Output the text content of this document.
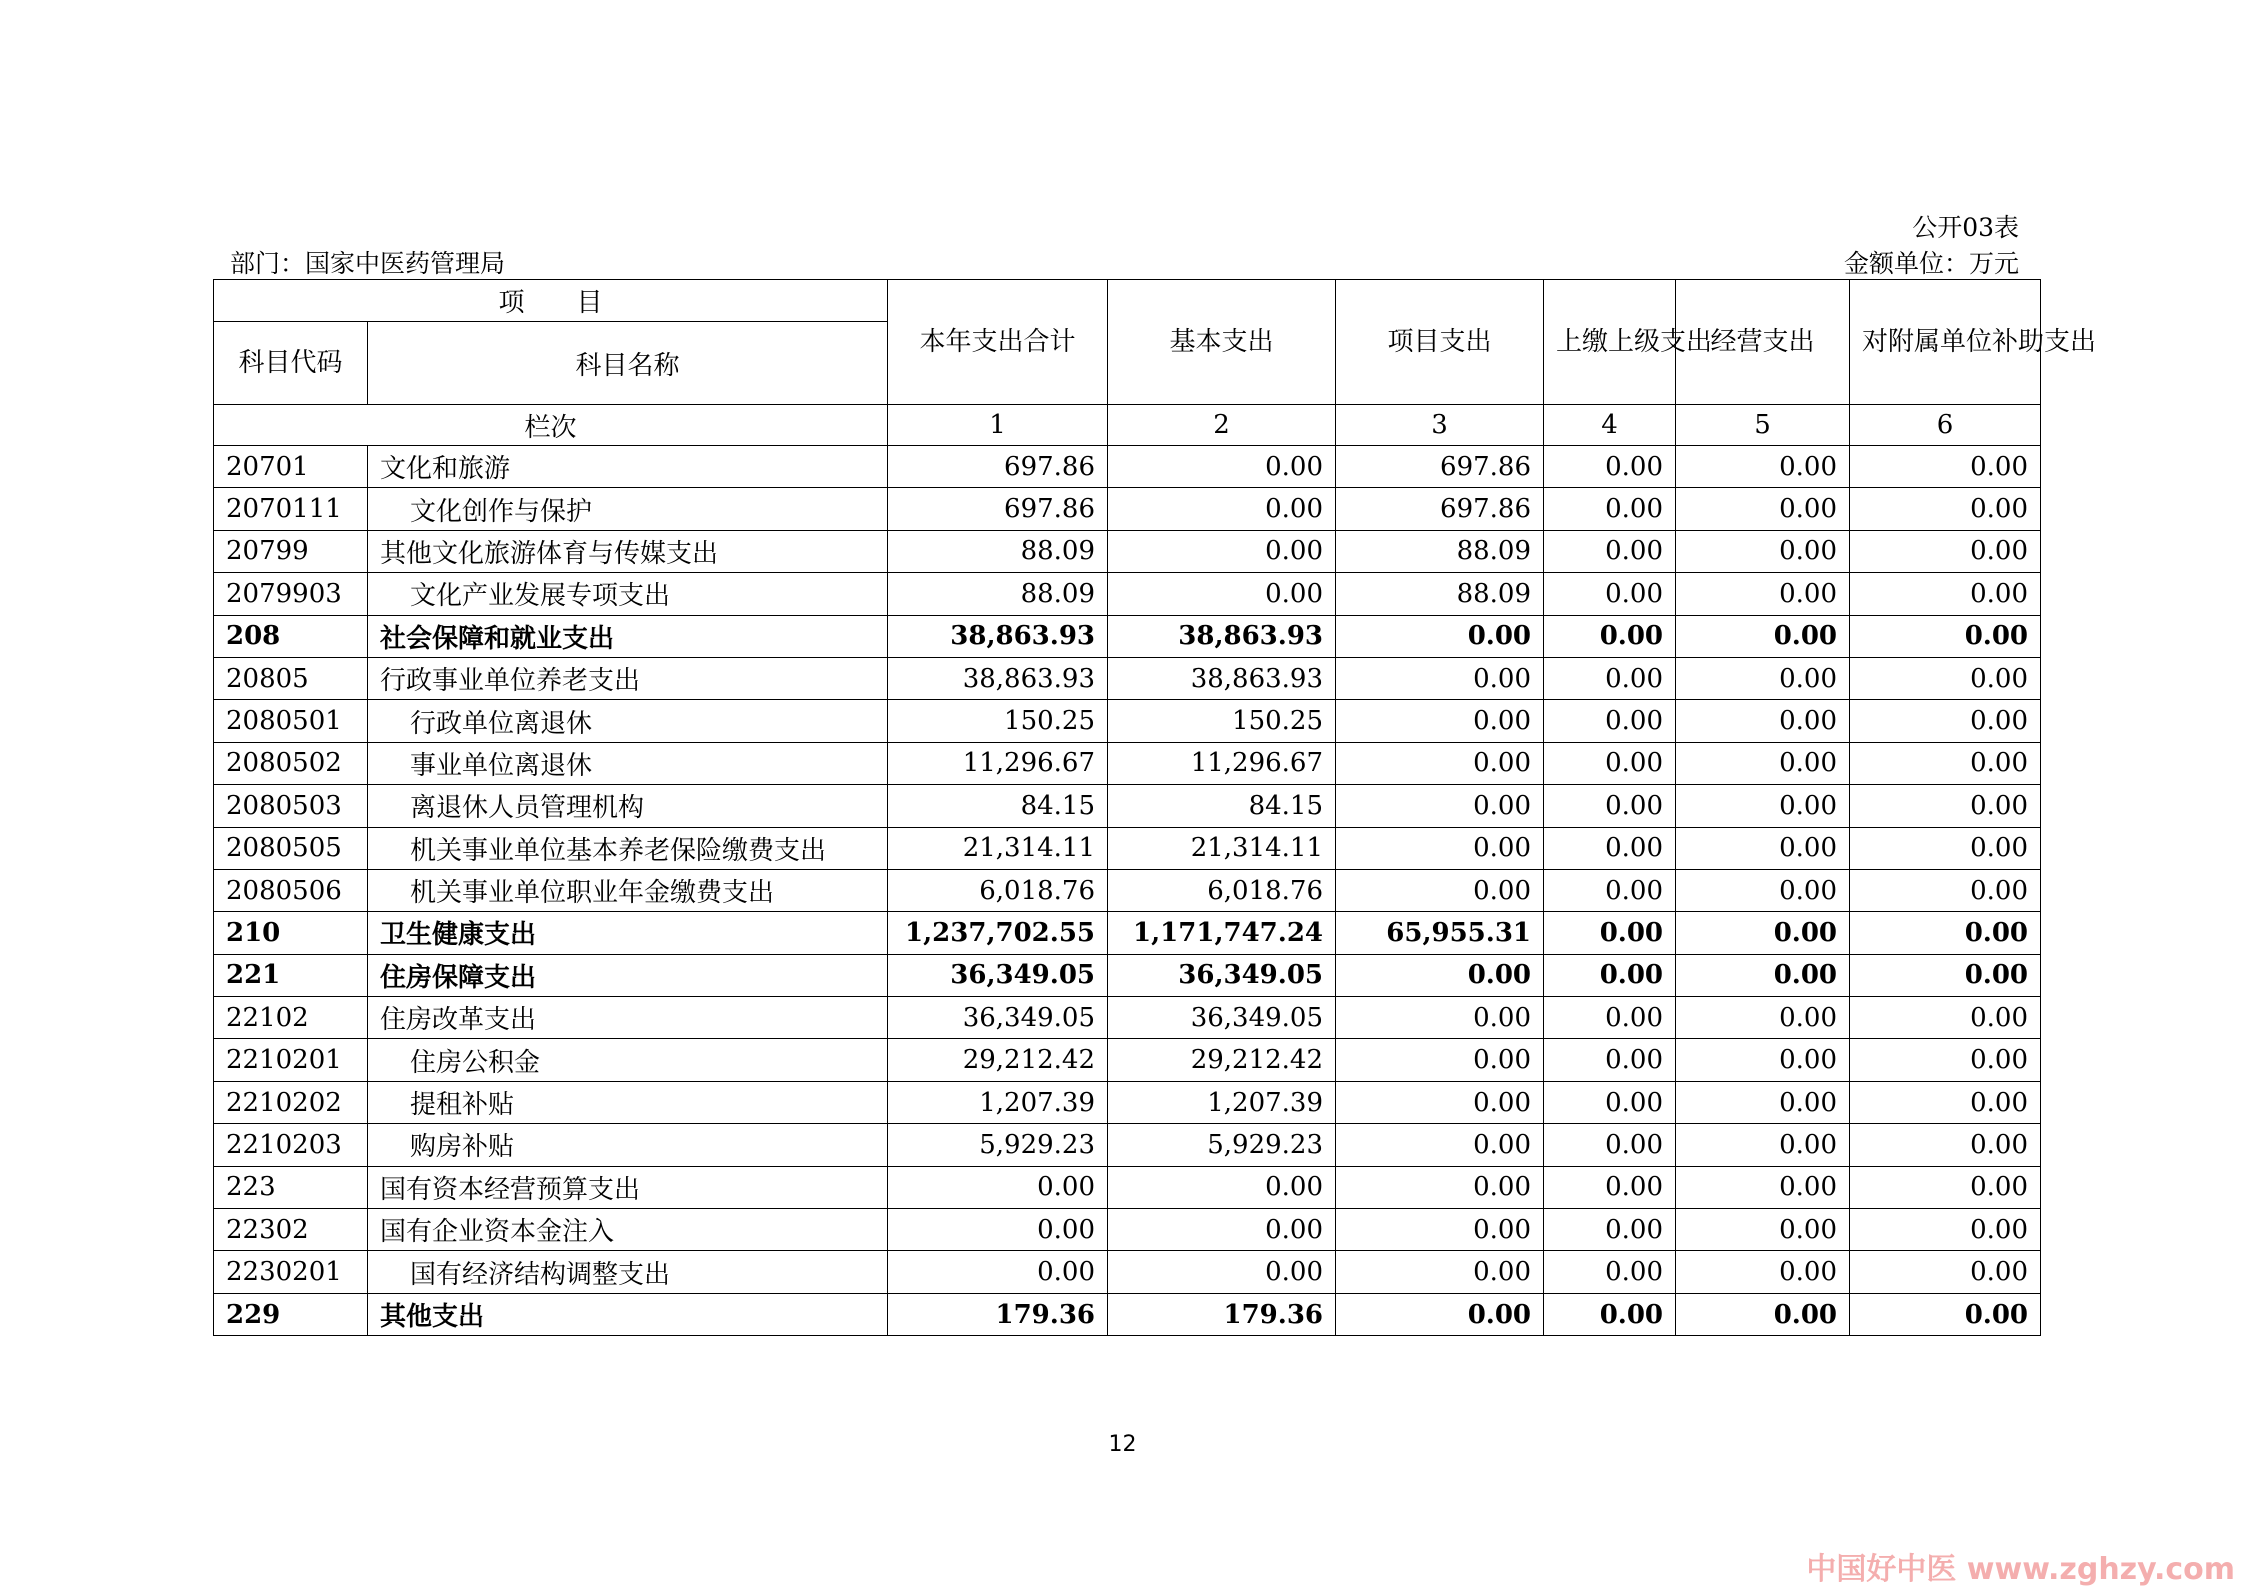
公开03表
部门：国家中医药管理局	金额单位：万元
项　　目		本年支出合计	基本支出	项目支出	上缴上级支出	经营支出	对附属单位补助支出
科目代码	科目名称						
栏次		1	2	3	4	5	6
20701	文化和旅游	697.86	0.00	697.86	0.00	0.00	0.00
2070111	文化创作与保护	697.86	0.00	697.86	0.00	0.00	0.00
20799	其他文化旅游体育与传媒支出	88.09	0.00	88.09	0.00	0.00	0.00
2079903	文化产业发展专项支出	88.09	0.00	88.09	0.00	0.00	0.00
208	社会保障和就业支出	38,863.93	38,863.93	0.00	0.00	0.00	0.00
20805	行政事业单位养老支出	38,863.93	38,863.93	0.00	0.00	0.00	0.00
2080501	行政单位离退休	150.25	150.25	0.00	0.00	0.00	0.00
2080502	事业单位离退休	11,296.67	11,296.67	0.00	0.00	0.00	0.00
2080503	离退休人员管理机构	84.15	84.15	0.00	0.00	0.00	0.00
2080505	机关事业单位基本养老保险缴费支出	21,314.11	21,314.11	0.00	0.00	0.00	0.00
2080506	机关事业单位职业年金缴费支出	6,018.76	6,018.76	0.00	0.00	0.00	0.00
210	卫生健康支出	1,237,702.55	1,171,747.24	65,955.31	0.00	0.00	0.00
221	住房保障支出	36,349.05	36,349.05	0.00	0.00	0.00	0.00
22102	住房改革支出	36,349.05	36,349.05	0.00	0.00	0.00	0.00
2210201	住房公积金	29,212.42	29,212.42	0.00	0.00	0.00	0.00
2210202	提租补贴	1,207.39	1,207.39	0.00	0.00	0.00	0.00
2210203	购房补贴	5,929.23	5,929.23	0.00	0.00	0.00	0.00
223	国有资本经营预算支出	0.00	0.00	0.00	0.00	0.00	0.00
22302	国有企业资本金注入	0.00	0.00	0.00	0.00	0.00	0.00
2230201	国有经济结构调整支出	0.00	0.00	0.00	0.00	0.00	0.00
229	其他支出	179.36	179.36	0.00	0.00	0.00	0.00
12
中国好中医 www.zghzy.com
